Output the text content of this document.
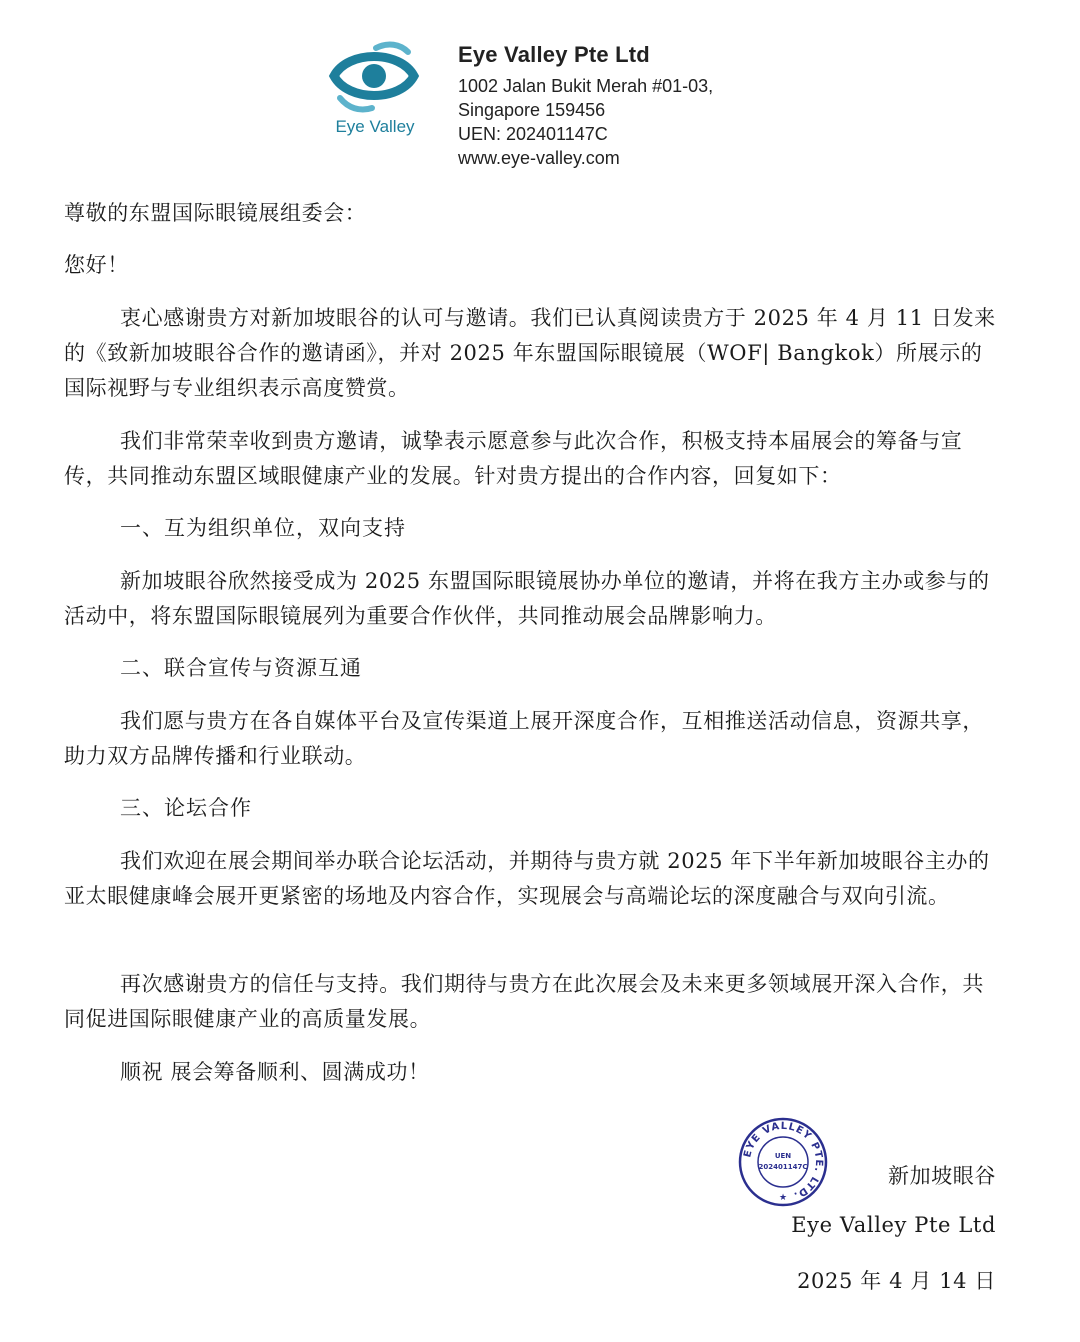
Eye Valley
Eye Valley Pte Ltd
1002 Jalan Bukit Merah #01-03,
Singapore 159456
UEN: 202401147C
www.eye-valley.com

尊敬的东盟国际眼镜展组委会：

您好！

衷心感谢贵方对新加坡眼谷的认可与邀请。我们已认真阅读贵方于 2025 年 4 月 11 日发来的《致新加坡眼谷合作的邀请函》，并对 2025 年东盟国际眼镜展（WOF| Bangkok）所展示的国际视野与专业组织表示高度赞赏。

我们非常荣幸收到贵方邀请，诚挚表示愿意参与此次合作，积极支持本届展会的筹备与宣传，共同推动东盟区域眼健康产业的发展。针对贵方提出的合作内容，回复如下：

一、互为组织单位，双向支持

新加坡眼谷欣然接受成为 2025 东盟国际眼镜展协办单位的邀请，并将在我方主办或参与的活动中，将东盟国际眼镜展列为重要合作伙伴，共同推动展会品牌影响力。

二、联合宣传与资源互通

我们愿与贵方在各自媒体平台及宣传渠道上展开深度合作，互相推送活动信息，资源共享，助力双方品牌传播和行业联动。

三、论坛合作

我们欢迎在展会期间举办联合论坛活动，并期待与贵方就 2025 年下半年新加坡眼谷主办的亚太眼健康峰会展开更紧密的场地及内容合作，实现展会与高端论坛的深度融合与双向引流。

再次感谢贵方的信任与支持。我们期待与贵方在此次展会及未来更多领域展开深入合作，共同促进国际眼健康产业的高质量发展。

顺祝 展会筹备顺利、圆满成功！

EYE VALLEY PTE. LTD.
UEN
202401147C
★

新加坡眼谷

Eye Valley Pte Ltd

2025 年 4 月 14 日
